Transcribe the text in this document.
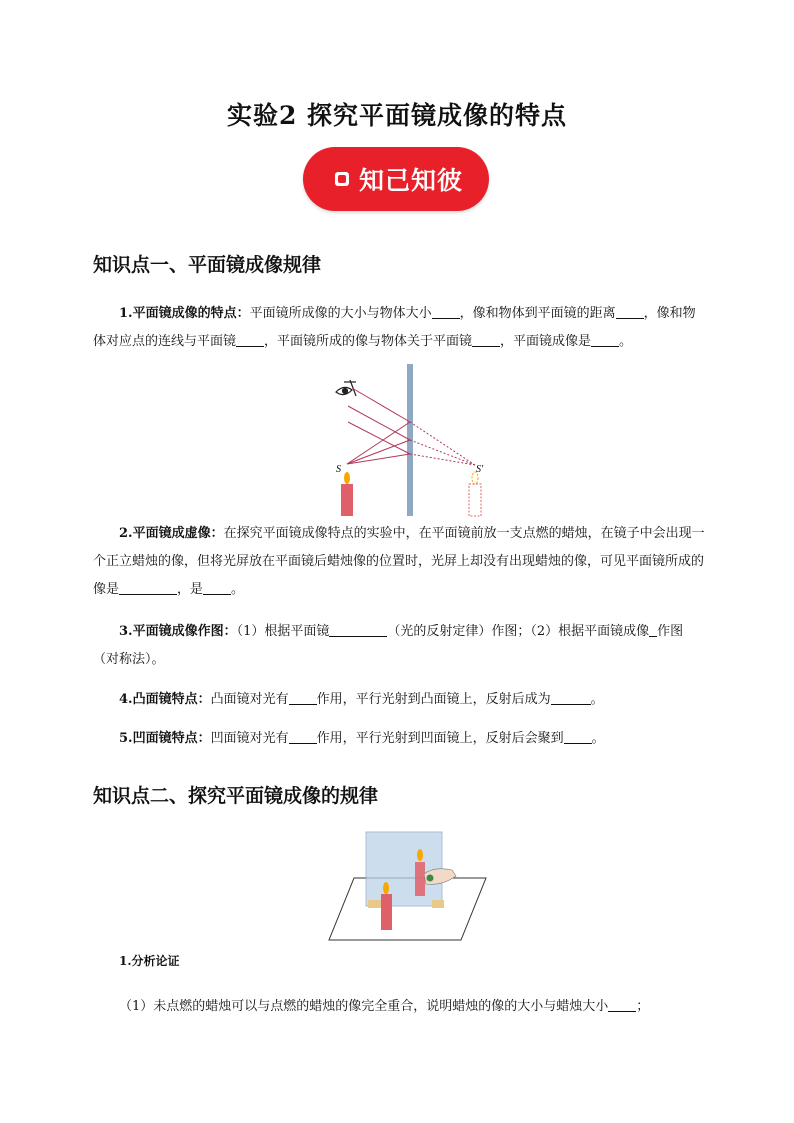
实验2 探究平面镜成像的特点
知己知彼
知识点一、平面镜成像规律

1.平面镜成像的特点：平面镜所成像的大小与物体大小 ，像和物体到平面镜的距离 ，像和物体对应点的连线与平面镜 ，平面镜所成的像与物体关于平面镜 ，平面镜成像是 。

S	S'

2.平面镜成虚像：在探究平面镜成像特点的实验中，在平面镜前放一支点燃的蜡烛，在镜子中会出现一个正立蜡烛的像，但将光屏放在平面镜后蜡烛像的位置时，光屏上却没有出现蜡烛的像，可见平面镜所成的像是	，是 。

3.平面镜成像作图：（1）根据平面镜	（光的反射定律）作图；（2）根据平面镜成像 作图（对称法）。

4.凸面镜特点：凸面镜对光有 作用，平行光射到凸面镜上，反射后成为	。

5.凹面镜特点：凹面镜对光有 作用，平行光射到凹面镜上，反射后会聚到 。

知识点二、探究平面镜成像的规律

1.分析论证

（1）未点燃的蜡烛可以与点燃的蜡烛的像完全重合，说明蜡烛的像的大小与蜡烛大小 ；
